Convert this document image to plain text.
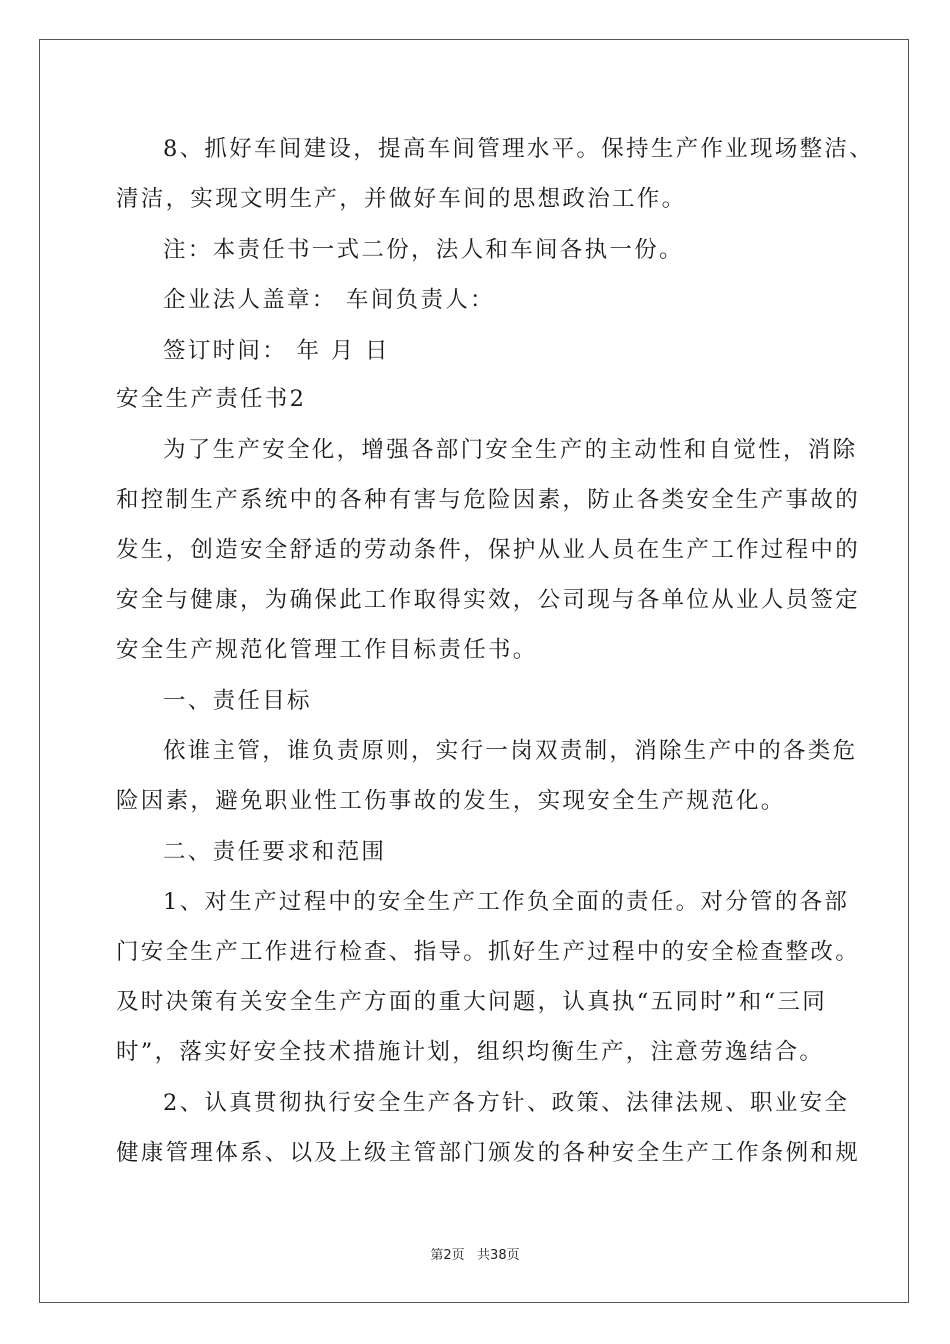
8、抓好车间建设，提高车间管理水平。保持生产作业现场整洁、
清洁，实现文明生产，并做好车间的思想政治工作。
注：本责任书一式二份，法人和车间各执一份。
企业法人盖章： 车间负责人：
签订时间： 年 月 日
安全生产责任书2
为了生产安全化，增强各部门安全生产的主动性和自觉性，消除
和控制生产系统中的各种有害与危险因素，防止各类安全生产事故的
发生，创造安全舒适的劳动条件，保护从业人员在生产工作过程中的
安全与健康，为确保此工作取得实效，公司现与各单位从业人员签定
安全生产规范化管理工作目标责任书。
一、责任目标
依谁主管，谁负责原则，实行一岗双责制，消除生产中的各类危
险因素，避免职业性工伤事故的发生，实现安全生产规范化。
二、责任要求和范围
1、对生产过程中的安全生产工作负全面的责任。对分管的各部
门安全生产工作进行检查、指导。抓好生产过程中的安全检查整改。
及时决策有关安全生产方面的重大问题，认真执“五同时”和“三同
时”，落实好安全技术措施计划，组织均衡生产，注意劳逸结合。
2、认真贯彻执行安全生产各方针、政策、法律法规、职业安全
健康管理体系、以及上级主管部门颁发的各种安全生产工作条例和规
第2页   共38页
